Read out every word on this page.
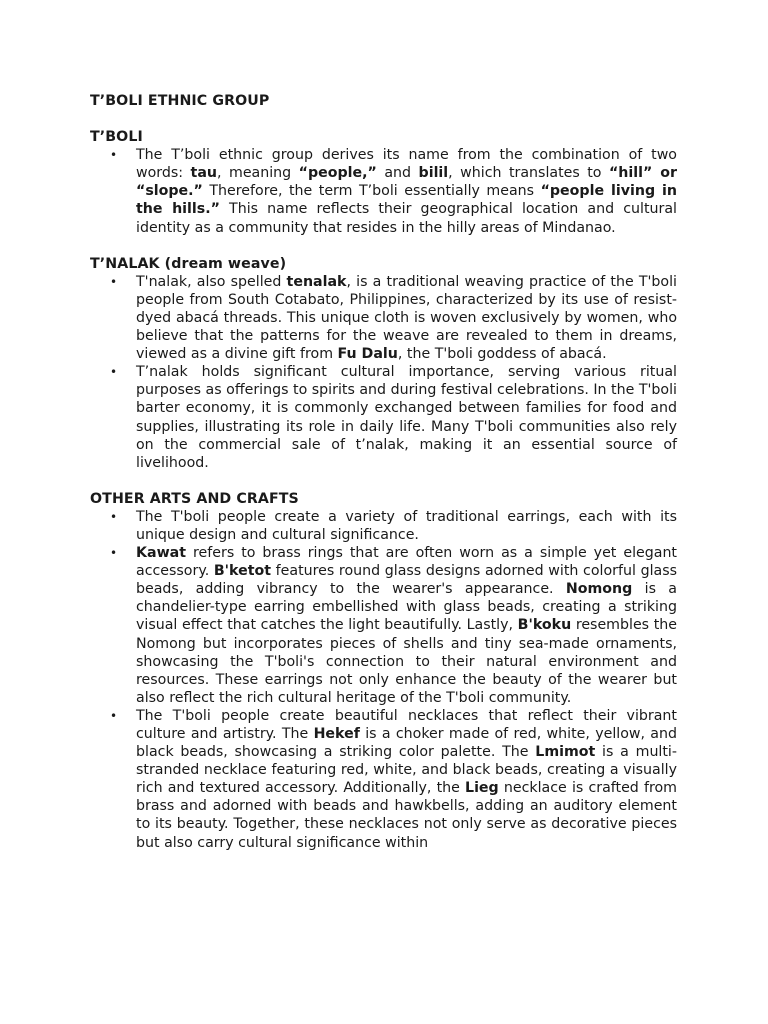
T’BOLI ETHNIC GROUP
T’BOLI
• The T’boli ethnic group derives its name from the combination of two words: tau, meaning “people,” and bilil, which translates to “hill” or “slope.” Therefore, the term T’boli essentially means “people living in the hills.” This name reflects their geographical location and cultural identity as a community that resides in the hilly areas of Mindanao.
T’NALAK (dream weave)
• T'nalak, also spelled tenalak, is a traditional weaving practice of the T'boli people from South Cotabato, Philippines, characterized by its use of resist-dyed abacá threads. This unique cloth is woven exclusively by women, who believe that the patterns for the weave are revealed to them in dreams, viewed as a divine gift from Fu Dalu, the T'boli goddess of abacá.
• T’nalak holds significant cultural importance, serving various ritual purposes as offerings to spirits and during festival celebrations. In the T'boli barter economy, it is commonly exchanged between families for food and supplies, illustrating its role in daily life. Many T'boli communities also rely on the commercial sale of t’nalak, making it an essential source of livelihood.
OTHER ARTS AND CRAFTS
• The T'boli people create a variety of traditional earrings, each with its unique design and cultural significance.
• Kawat refers to brass rings that are often worn as a simple yet elegant accessory. B'ketot features round glass designs adorned with colorful glass beads, adding vibrancy to the wearer's appearance. Nomong is a chandelier-type earring embellished with glass beads, creating a striking visual effect that catches the light beautifully. Lastly, B'koku resembles the Nomong but incorporates pieces of shells and tiny sea-made ornaments, showcasing the T'boli's connection to their natural environment and resources. These earrings not only enhance the beauty of the wearer but also reflect the rich cultural heritage of the T'boli community.
• The T'boli people create beautiful necklaces that reflect their vibrant culture and artistry. The Hekef is a choker made of red, white, yellow, and black beads, showcasing a striking color palette. The Lmimot is a multi-stranded necklace featuring red, white, and black beads, creating a visually rich and textured accessory. Additionally, the Lieg necklace is crafted from brass and adorned with beads and hawkbells, adding an auditory element to its beauty. Together, these necklaces not only serve as decorative pieces but also carry cultural significance within
